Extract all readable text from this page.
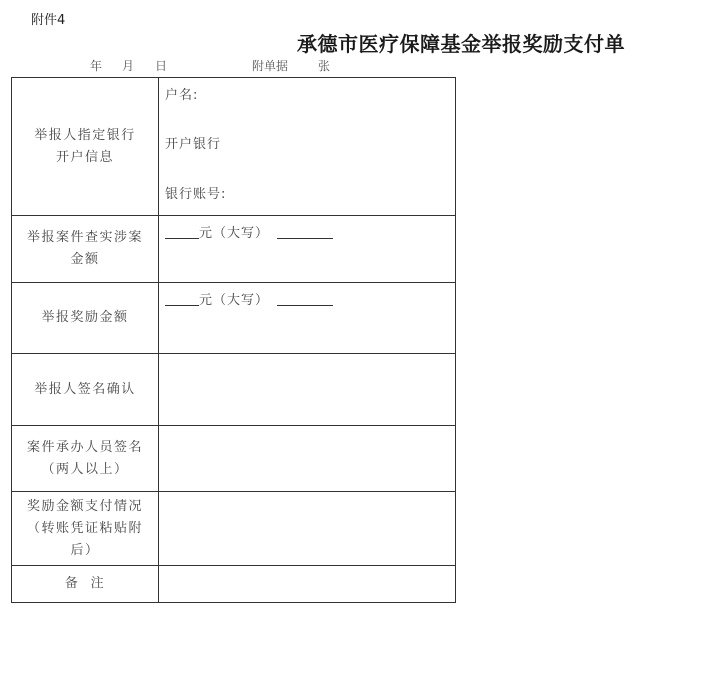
附件4
承德市医疗保障基金举报奖励支付单
年 月 日	附单据 张
举报人指定银行
开户信息	户名:
开户银行
银行账号:

举报案件查实涉案
金额	元（大写）

举报奖励金额	元（大写）

举报人签名确认	

案件承办人员签名
（两人以上）	

奖励金额支付情况
（转账凭证粘贴附
后）	

备  注	
